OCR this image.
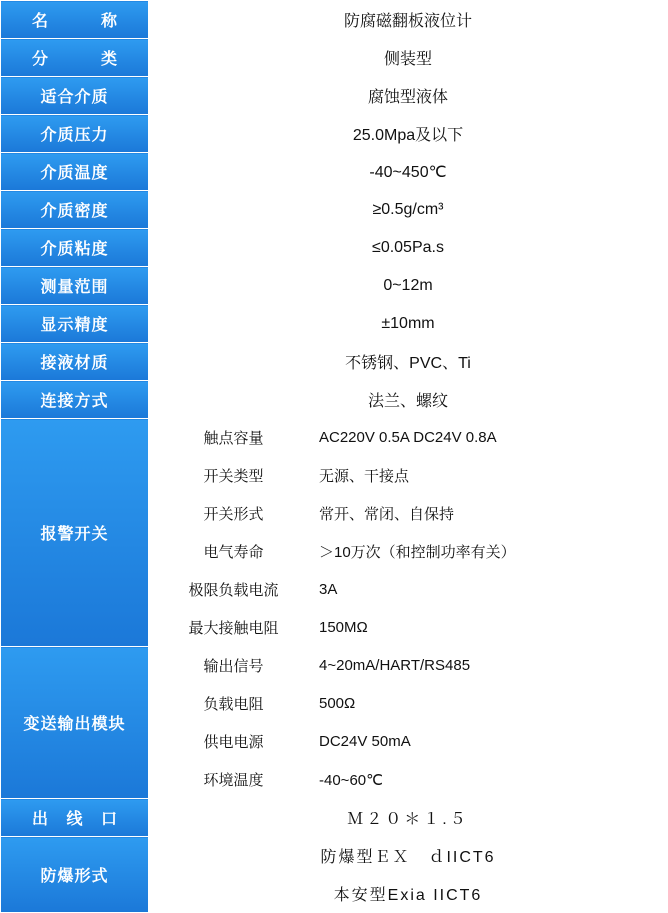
名　　称	防腐磁翻板液位计	
分　　类	侧装型	
适合介质	腐蚀型液体	
介质压力	25.0Mpa及以下	
介质温度	-40~450℃	
介质密度	≥0.5g/cm³	
介质粘度	≤0.05Pa.s	
测量范围	0~12m	
显示精度	±10mm	
接液材质	不锈钢、PVC、Ti	
连接方式	法兰、螺纹	
报警开关	触点容量	AC220V 0.5A DC24V 0.8A
	开关类型	无源、干接点
	开关形式	常开、常闭、自保持
	电气寿命	＞10万次（和控制功率有关）
	极限负载电流	3A
	最大接触电阻	150MΩ
变送输出模块	输出信号	4~20mA/HART/RS485
	负载电阻	500Ω
	供电电源	DC24V 50mA
	环境温度	-40~60℃
出 线 口	Ｍ２０＊１.５	
防爆形式	防爆型ＥＸ　ｄIICT6	
	本安型Exia IICT6	
